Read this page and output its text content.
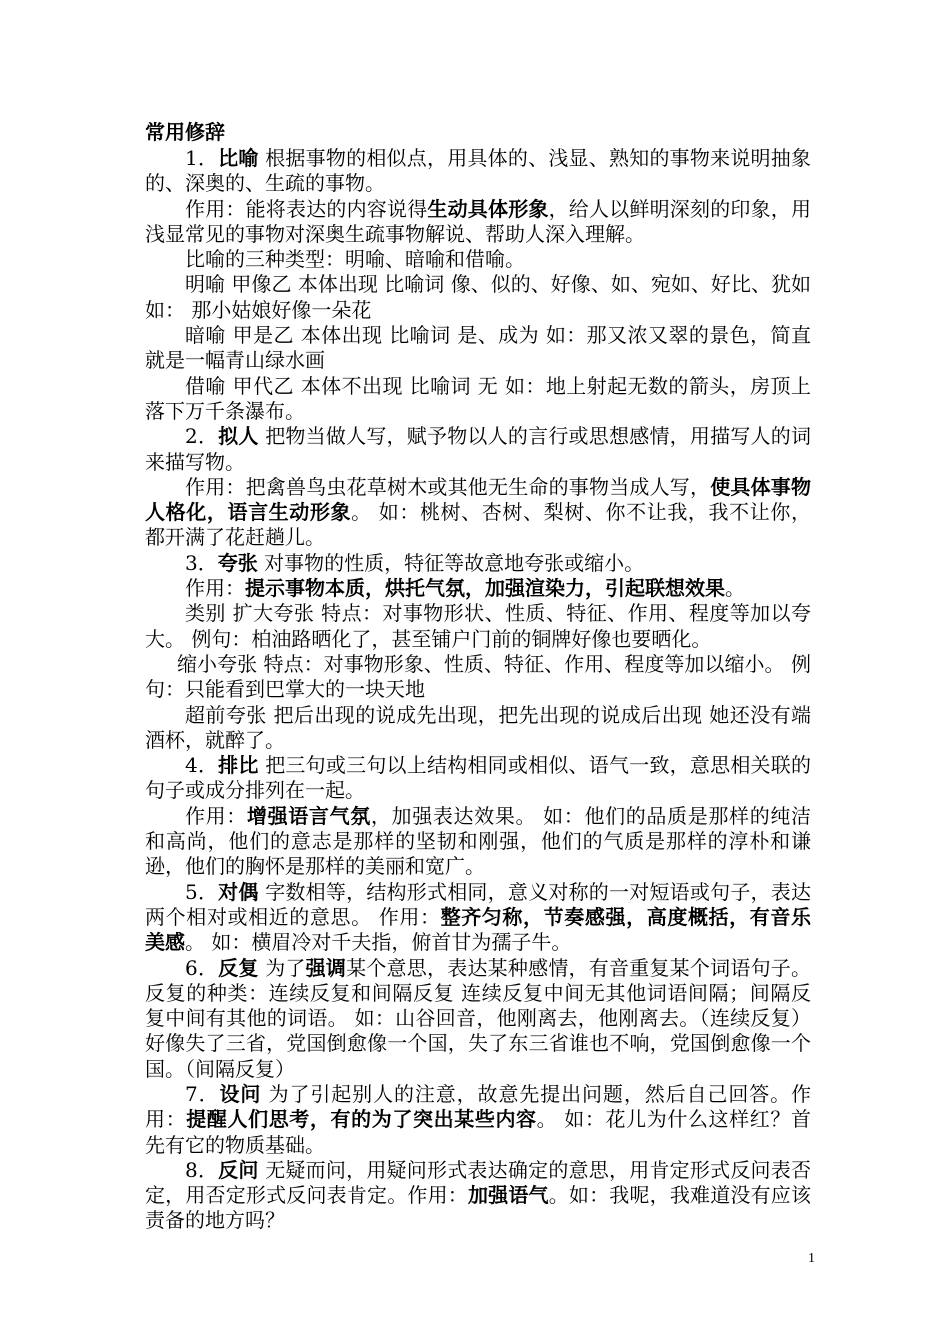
常用修辞

1．比喻 根据事物的相似点，用具体的、浅显、熟知的事物来说明抽象的、深奥的、生疏的事物。

作用：能将表达的内容说得生动具体形象，给人以鲜明深刻的印象，用浅显常见的事物对深奥生疏事物解说、帮助人深入理解。

比喻的三种类型：明喻、暗喻和借喻。

明喻 甲像乙 本体出现 比喻词 像、似的、好像、如、宛如、好比、犹如 如： 那小姑娘好像一朵花

暗喻 甲是乙 本体出现 比喻词 是、成为 如：那又浓又翠的景色，简直就是一幅青山绿水画

借喻 甲代乙 本体不出现 比喻词 无 如：地上射起无数的箭头，房顶上落下万千条瀑布。

2．拟人 把物当做人写，赋予物以人的言行或思想感情，用描写人的词来描写物。

作用：把禽兽鸟虫花草树木或其他无生命的事物当成人写，使具体事物人格化，语言生动形象。 如：桃树、杏树、梨树、你不让我，我不让你，都开满了花赶趟儿。

3．夸张 对事物的性质，特征等故意地夸张或缩小。

作用：提示事物本质，烘托气氛，加强渲染力，引起联想效果。

类别 扩大夸张 特点：对事物形状、性质、特征、作用、程度等加以夸大。 例句：柏油路晒化了，甚至铺户门前的铜牌好像也要晒化。

缩小夸张 特点：对事物形象、性质、特征、作用、程度等加以缩小。 例句：只能看到巴掌大的一块天地

超前夸张 把后出现的说成先出现，把先出现的说成后出现 她还没有端酒杯，就醉了。

4．排比 把三句或三句以上结构相同或相似、语气一致，意思相关联的句子或成分排列在一起。

作用：增强语言气氛，加强表达效果。 如：他们的品质是那样的纯洁和高尚，他们的意志是那样的坚韧和刚强，他们的气质是那样的淳朴和谦逊，他们的胸怀是那样的美丽和宽广。

5．对偶 字数相等，结构形式相同，意义对称的一对短语或句子，表达两个相对或相近的意思。 作用：整齐匀称，节奏感强，高度概括，有音乐美感。 如：横眉冷对千夫指，俯首甘为孺子牛。

6．反复 为了强调某个意思，表达某种感情，有音重复某个词语句子。 反复的种类：连续反复和间隔反复 连续反复中间无其他词语间隔；间隔反复中间有其他的词语。 如：山谷回音，他刚离去，他刚离去。（连续反复） 好像失了三省，党国倒愈像一个国，失了东三省谁也不响，党国倒愈像一个国。（间隔反复）

7．设问 为了引起别人的注意，故意先提出问题，然后自己回答。作用：提醒人们思考，有的为了突出某些内容。 如：花儿为什么这样红？首先有它的物质基础。

8．反问 无疑而问，用疑问形式表达确定的意思，用肯定形式反问表否定，用否定形式反问表肯定。作用：加强语气。如：我呢，我难道没有应该责备的地方吗？

1
